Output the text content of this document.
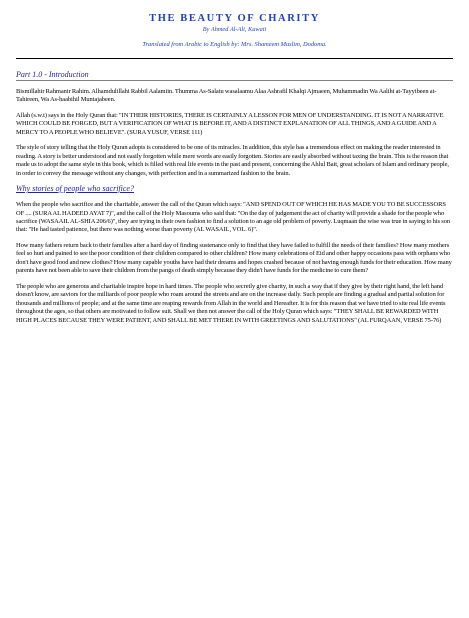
THE BEAUTY OF CHARITY
By Ahmed Al-Ali, Kuwait
Translated from Arabic to English by: Mrs. Shameem Muslim, Dodoma.
Part 1.0 - Introduction

Bismillahir Rahmanir Rahim. Alhamdulillahi Rabbil Aalamiin. Thumma As-Salatu wasalaamu Alaa Ashrafil Khalqi Ajmaeen, Muhammadin Wa Aalihi at-Tayyibeen at-Tahireen, Wa As-haabihil Muntajabeen.

Allah (s.w.t) says in the Holy Quran that: "IN THEIR HISTORIES, THERE IS CERTAINLY A LESSON FOR MEN OF UNDERSTANDING. IT IS NOT A NARRATIVE WHICH COULD BE FORGED, BUT A VERIFICATION OF WHAT IS BEFORE IT, AND A DISTINCT EXPLANATION OF ALL THINGS, AND A GUIDE AND A MERCY TO A PEOPLE WHO BELIEVE". (SURA YUSUF, VERSE 111)

The style of story telling that the Holy Quran adopts is considered to be one of its miracles. In addition, this style has a tremendous effect on making the reader interested in reading. A story is better understood and not easily forgotten while mere words are easily forgotten. Stories are easily absorbed without taxing the brain. This is the reason that made us to adopt the same style in this book, which is filled with real life events in the past and present, concerning the Ahlul Bait, great scholars of Islam and ordinary people, in order to convey the message without any changes, with perfection and in a summarized fashion to the brain.

Why stories of people who sacrifice?

When the people who sacrifice and the charitable, answer the call of the Quran which says: "AND SPEND OUT OF WHICH HE HAS MADE YOU TO BE SUCCESSORS OF .... (SURA AL HADEED AYAT 7)", and the call of the Holy Masoums who said that: "On the day of judgement the act of charity will provide a shade for the people who sacrifice (WASAAIL AL-SHIA 206/6)", they are trying in their own fashion to find a solution to an age old problem of poverty. Luqmaan the wise was true in saying to his son that: "He had tasted patience, but there was nothing worse than poverty (AL WASAIL, VOL. 6)".

How many fathers return back to their families after a hard day of finding sustenance only to find that they have failed to fulfill the needs of their families? How many mothers feel so hurt and pained to see the poor condition of their children compared to other children? How many celebrations of Eid and other happy occasions pass with orphans who don't have good food and new clothes? How many capable youths have had their dreams and hopes crashed because of not having enough funds for their education. How many parents have not been able to save their children from the pangs of death simply because they didn't have funds for the medicine to cure them?

The people who are generous and charitable inspire hope in hard times. The people who secretly give charity, in such a way that if they give by their right hand, the left hand doesn't know, are saviors for the milliards of poor people who roam around the streets and are on the increase daily. Such people are finding a gradual and partial solution for thousands and millions of people; and at the same time are reaping rewards from Allah in the world and Hereafter. It is for this reason that we have tried to site real life events throughout the ages, so that others are motivated to follow suit. Shall we then not answer the call of the Holy Quran which says: "THEY SHALL BE REWARDED WITH HIGH PLACES BECAUSE THEY WERE PATIENT, AND SHALL BE MET THERE IN WITH GREETINGS AND SALUTATIONS" (AL FURQAAN, VERSE 75-76)
